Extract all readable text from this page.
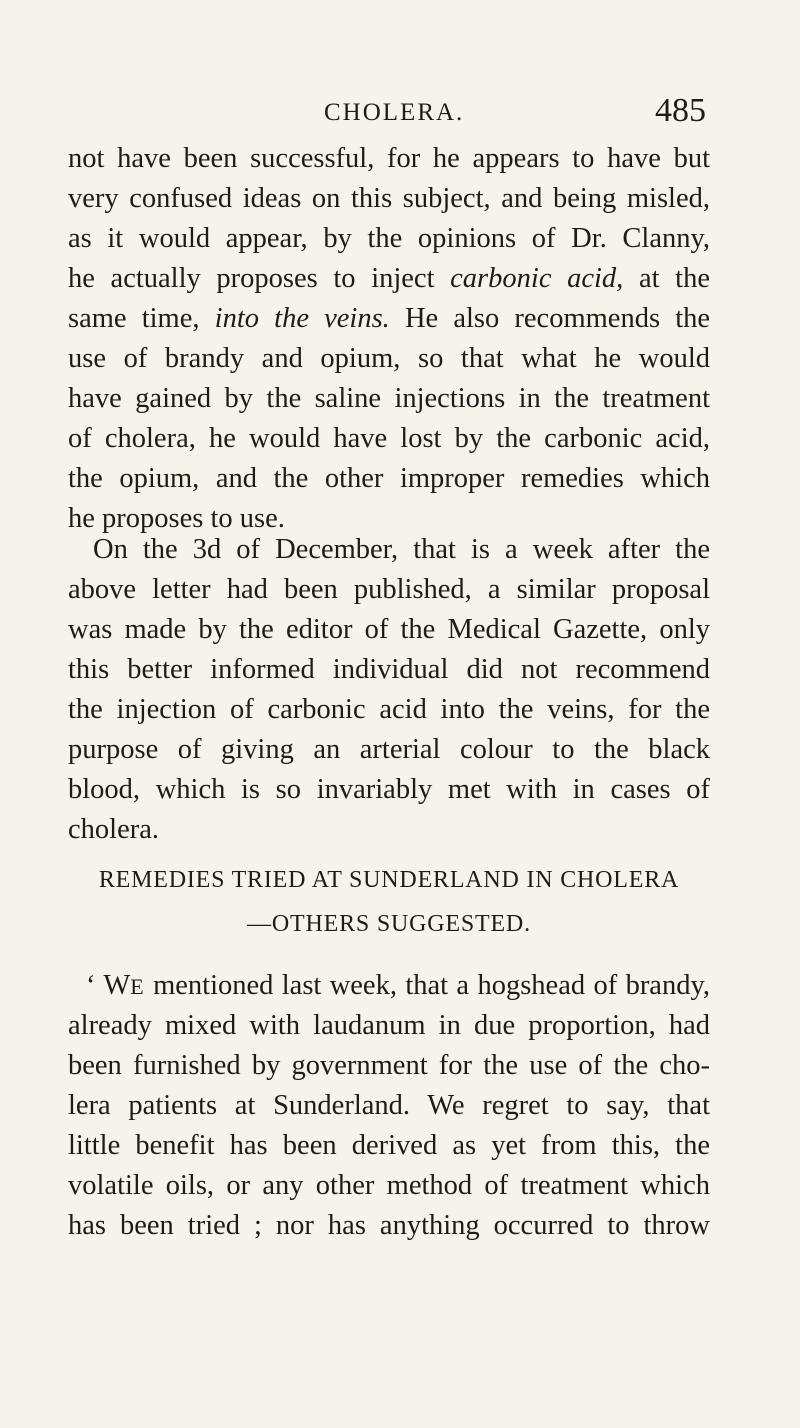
CHOLERA.	485
not have been successful, for he appears to have but
very confused ideas on this subject, and being misled,
as it would appear, by the opinions of Dr. Clanny,
he actually proposes to inject carbonic acid, at the
same time, into the veins. He also recommends the
use of brandy and opium, so that what he would
have gained by the saline injections in the treatment
of cholera, he would have lost by the carbonic acid,
the opium, and the other improper remedies which
he proposes to use.
On the 3d of December, that is a week after the
above letter had been published, a similar proposal
was made by the editor of the Medical Gazette, only
this better informed individual did not recommend
the injection of carbonic acid into the veins, for the
purpose of giving an arterial colour to the black
blood, which is so invariably met with in cases of
cholera.
REMEDIES TRIED AT SUNDERLAND IN CHOLERA
—OTHERS SUGGESTED.
‘ WE mentioned last week, that a hogshead of brandy,
already mixed with laudanum in due proportion, had
been furnished by government for the use of the cho-
lera patients at Sunderland. We regret to say, that
little benefit has been derived as yet from this, the
volatile oils, or any other method of treatment which
has been tried ; nor has anything occurred to throw
